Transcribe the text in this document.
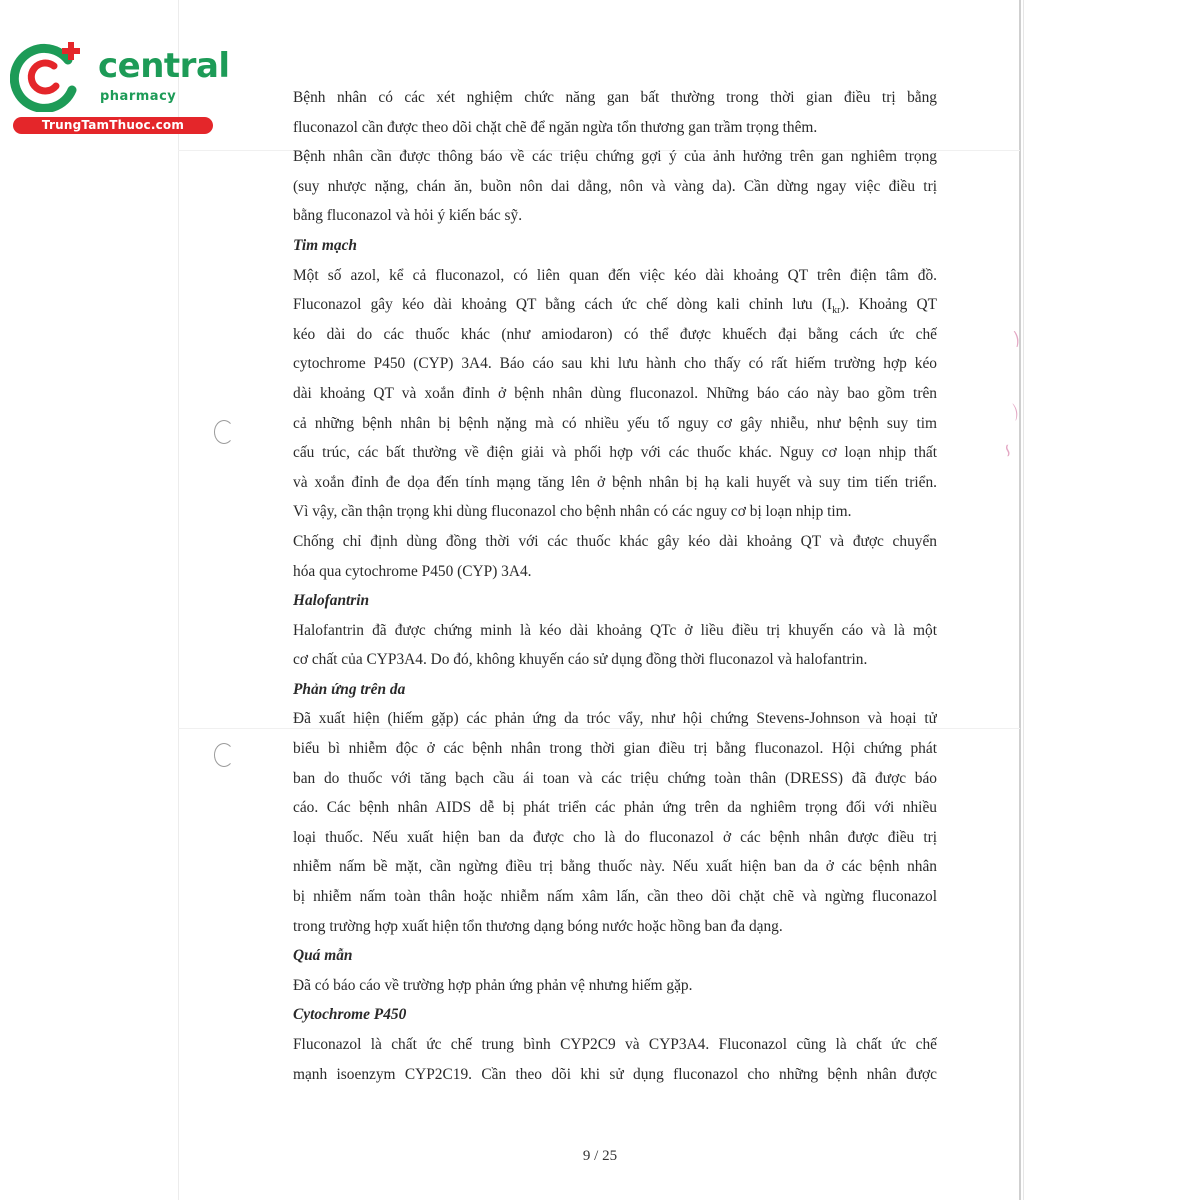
⁀
⌒
∽
central
pharmacy
TrungTamThuoc.com
Bệnh nhân có các xét nghiệm chức năng gan bất thường trong thời gian điều trị bằng
fluconazol cần được theo dõi chặt chẽ để ngăn ngừa tổn thương gan trầm trọng thêm.
Bệnh nhân cần được thông báo về các triệu chứng gợi ý của ảnh hưởng trên gan nghiêm trọng
(suy nhược nặng, chán ăn, buồn nôn dai dẳng, nôn và vàng da). Cần dừng ngay việc điều trị
bằng fluconazol và hỏi ý kiến bác sỹ.
Tim mạch
Một số azol, kể cả fluconazol, có liên quan đến việc kéo dài khoảng QT trên điện tâm đồ.
Fluconazol gây kéo dài khoảng QT bằng cách ức chế dòng kali chỉnh lưu $(I_{kr})$. Khoảng QT
kéo dài do các thuốc khác (như amiodaron) có thể được khuếch đại bằng cách ức chế
cytochrome P450 (CYP) 3A4. Báo cáo sau khi lưu hành cho thấy có rất hiếm trường hợp kéo
dài khoảng QT và xoắn đỉnh ở bệnh nhân dùng fluconazol. Những báo cáo này bao gồm trên
cả những bệnh nhân bị bệnh nặng mà có nhiều yếu tố nguy cơ gây nhiễu, như bệnh suy tim
cấu trúc, các bất thường về điện giải và phối hợp với các thuốc khác. Nguy cơ loạn nhịp thất
và xoắn đỉnh đe dọa đến tính mạng tăng lên ở bệnh nhân bị hạ kali huyết và suy tim tiến triển.
Vì vậy, cần thận trọng khi dùng fluconazol cho bệnh nhân có các nguy cơ bị loạn nhịp tim.
Chống chỉ định dùng đồng thời với các thuốc khác gây kéo dài khoảng QT và được chuyển
hóa qua cytochrome P450 (CYP) 3A4.
Halofantrin
Halofantrin đã được chứng minh là kéo dài khoảng QTc ở liều điều trị khuyến cáo và là một
cơ chất của CYP3A4. Do đó, không khuyến cáo sử dụng đồng thời fluconazol và halofantrin.
Phản ứng trên da
Đã xuất hiện (hiếm gặp) các phản ứng da tróc vẩy, như hội chứng Stevens-Johnson và hoại tử
biểu bì nhiễm độc ở các bệnh nhân trong thời gian điều trị bằng fluconazol. Hội chứng phát
ban do thuốc với tăng bạch cầu ái toan và các triệu chứng toàn thân (DRESS) đã được báo
cáo. Các bệnh nhân AIDS dễ bị phát triển các phản ứng trên da nghiêm trọng đối với nhiều
loại thuốc. Nếu xuất hiện ban da được cho là do fluconazol ở các bệnh nhân được điều trị
nhiễm nấm bề mặt, cần ngừng điều trị bằng thuốc này. Nếu xuất hiện ban da ở các bệnh nhân
bị nhiễm nấm toàn thân hoặc nhiễm nấm xâm lấn, cần theo dõi chặt chẽ và ngừng fluconazol
trong trường hợp xuất hiện tổn thương dạng bóng nước hoặc hồng ban đa dạng.
Quá mẫn
Đã có báo cáo về trường hợp phản ứng phản vệ nhưng hiếm gặp.
Cytochrome P450
Fluconazol là chất ức chế trung bình CYP2C9 và CYP3A4. Fluconazol cũng là chất ức chế
mạnh isoenzym CYP2C19. Cần theo dõi khi sử dụng fluconazol cho những bệnh nhân được
9 / 25
